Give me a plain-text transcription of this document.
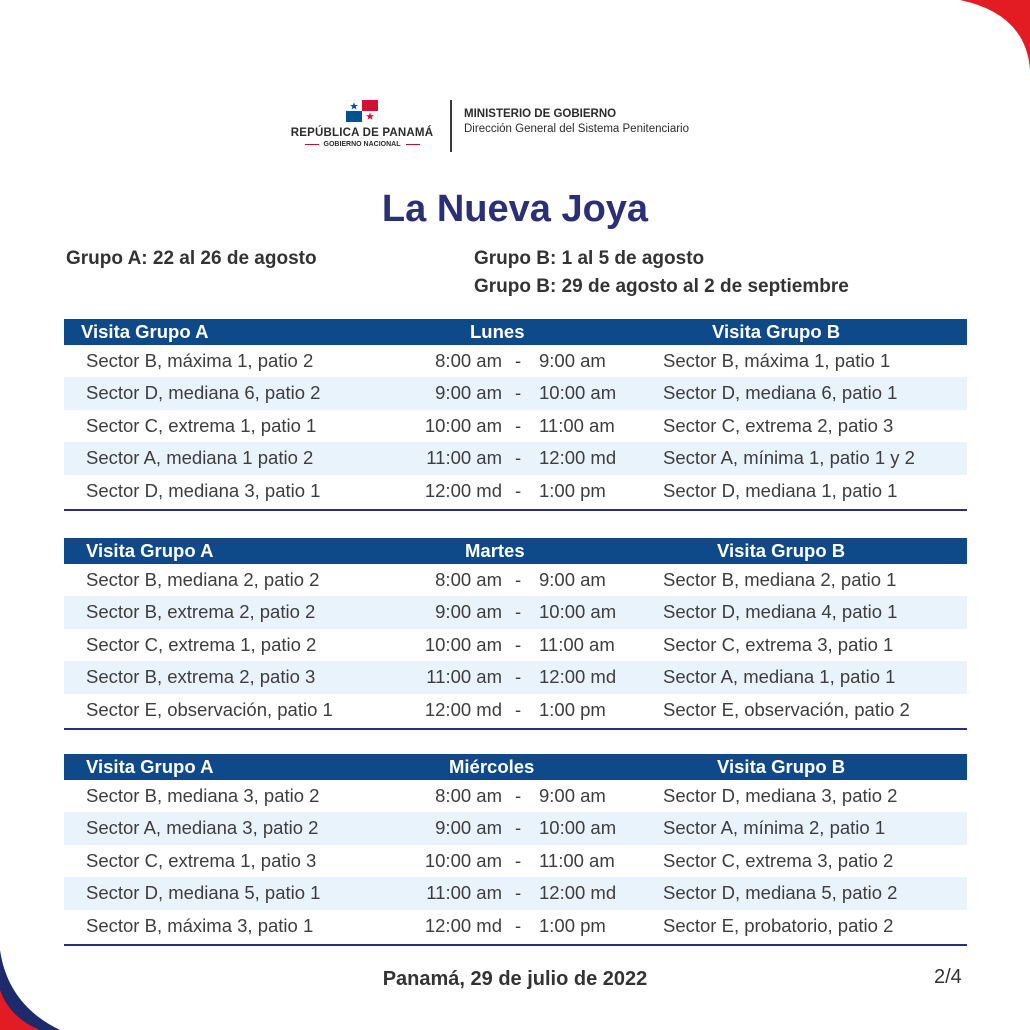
REPÚBLICA DE PANAMÁ
GOBIERNO NACIONAL
MINISTERIO DE GOBIERNO
Dirección General del Sistema Penitenciario
La Nueva Joya
Grupo A: 22 al 26 de agosto	Grupo B: 1 al 5 de agosto
Grupo B: 29 de agosto al 2 de septiembre
Visita Grupo A	Lunes	Visita Grupo B
Sector B, máxima 1, patio 2	8:00 am - 9:00 am	Sector B, máxima 1, patio 1
Sector D, mediana 6, patio 2	9:00 am - 10:00 am	Sector D, mediana 6, patio 1
Sector C, extrema 1, patio 1	10:00 am - 11:00 am	Sector C, extrema 2, patio 3
Sector A, mediana 1 patio 2	11:00 am - 12:00 md	Sector A, mínima 1, patio 1 y 2
Sector D, mediana 3, patio 1	12:00 md - 1:00 pm	Sector D, mediana 1, patio 1
Visita Grupo A	Martes	Visita Grupo B
Sector B, mediana 2, patio 2	8:00 am - 9:00 am	Sector B, mediana 2, patio 1
Sector B, extrema 2, patio 2	9:00 am - 10:00 am	Sector D, mediana 4, patio 1
Sector C, extrema 1, patio 2	10:00 am - 11:00 am	Sector C, extrema 3, patio 1
Sector B, extrema 2, patio 3	11:00 am - 12:00 md	Sector A, mediana 1, patio 1
Sector E, observación, patio 1	12:00 md - 1:00 pm	Sector E, observación, patio 2
Visita Grupo A	Miércoles	Visita Grupo B
Sector B, mediana 3, patio 2	8:00 am - 9:00 am	Sector D, mediana 3, patio 2
Sector A, mediana 3, patio 2	9:00 am - 10:00 am	Sector A, mínima 2, patio 1
Sector C, extrema 1, patio 3	10:00 am - 11:00 am	Sector C, extrema 3, patio 2
Sector D, mediana 5, patio 1	11:00 am - 12:00 md	Sector D, mediana 5, patio 2
Sector B, máxima 3, patio 1	12:00 md - 1:00 pm	Sector E, probatorio, patio 2
Panamá, 29 de julio de 2022	2/4
